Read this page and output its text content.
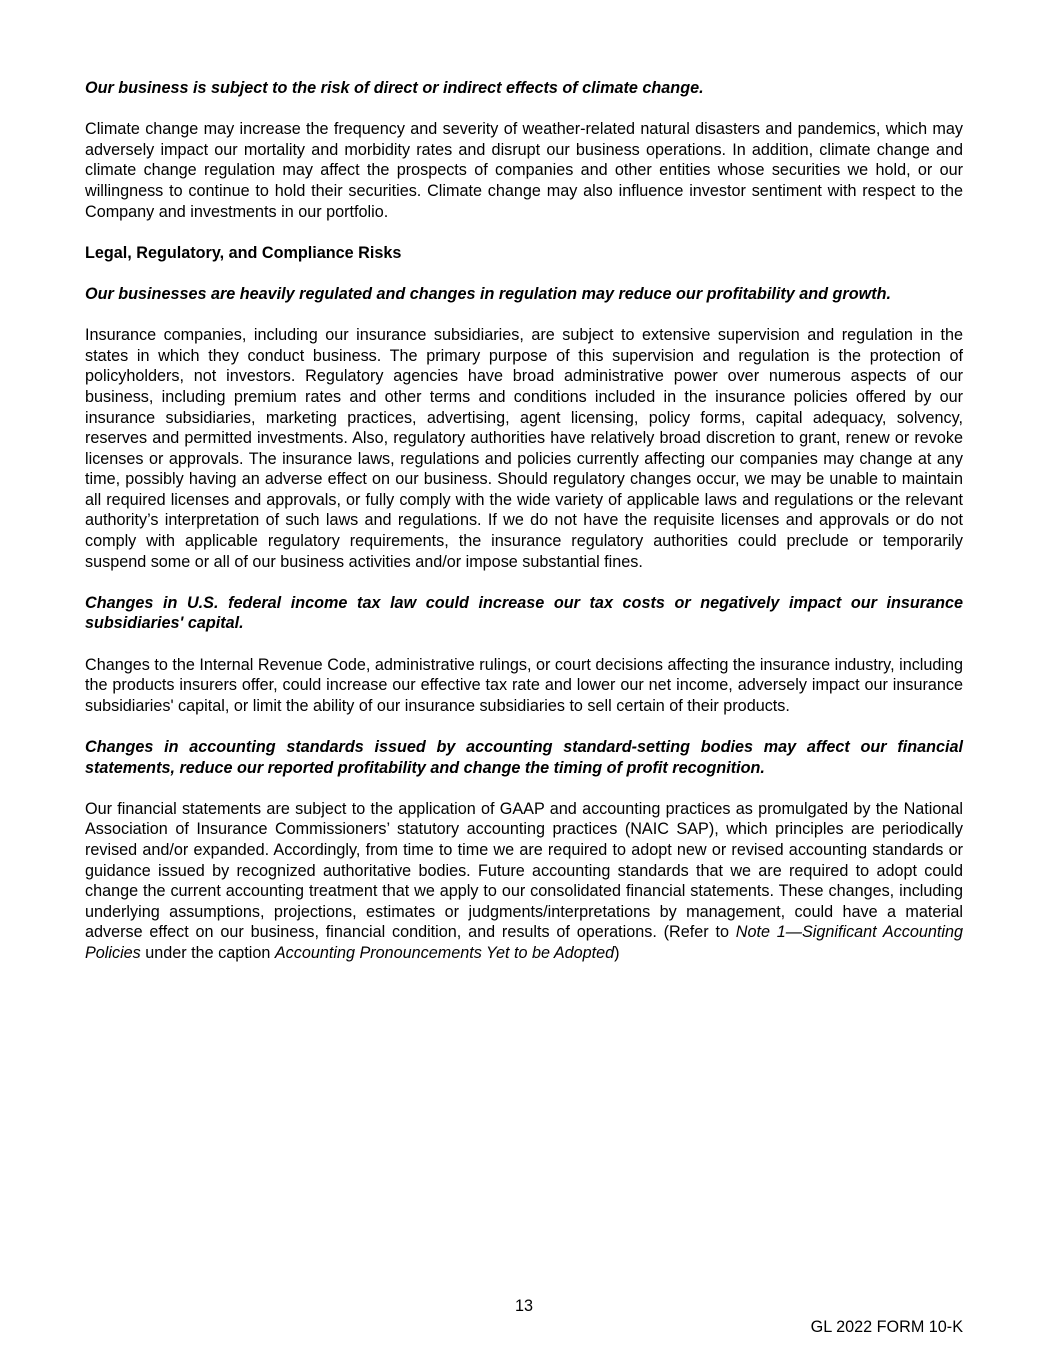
Our business is subject to the risk of direct or indirect effects of climate change.

Climate change may increase the frequency and severity of weather-related natural disasters and pandemics, which may adversely impact our mortality and morbidity rates and disrupt our business operations. In addition, climate change and climate change regulation may affect the prospects of companies and other entities whose securities we hold, or our willingness to continue to hold their securities. Climate change may also influence investor sentiment with respect to the Company and investments in our portfolio.

Legal, Regulatory, and Compliance Risks

Our businesses are heavily regulated and changes in regulation may reduce our profitability and growth.

Insurance companies, including our insurance subsidiaries, are subject to extensive supervision and regulation in the states in which they conduct business. The primary purpose of this supervision and regulation is the protection of policyholders, not investors. Regulatory agencies have broad administrative power over numerous aspects of our business, including premium rates and other terms and conditions included in the insurance policies offered by our insurance subsidiaries, marketing practices, advertising, agent licensing, policy forms, capital adequacy, solvency, reserves and permitted investments. Also, regulatory authorities have relatively broad discretion to grant, renew or revoke licenses or approvals. The insurance laws, regulations and policies currently affecting our companies may change at any time, possibly having an adverse effect on our business. Should regulatory changes occur, we may be unable to maintain all required licenses and approvals, or fully comply with the wide variety of applicable laws and regulations or the relevant authority’s interpretation of such laws and regulations. If we do not have the requisite licenses and approvals or do not comply with applicable regulatory requirements, the insurance regulatory authorities could preclude or temporarily suspend some or all of our business activities and/or impose substantial fines.

Changes in U.S. federal income tax law could increase our tax costs or negatively impact our insurance subsidiaries' capital.

Changes to the Internal Revenue Code, administrative rulings, or court decisions affecting the insurance industry, including the products insurers offer, could increase our effective tax rate and lower our net income, adversely impact our insurance subsidiaries' capital, or limit the ability of our insurance subsidiaries to sell certain of their products.

Changes in accounting standards issued by accounting standard-setting bodies may affect our financial statements, reduce our reported profitability and change the timing of profit recognition.

Our financial statements are subject to the application of GAAP and accounting practices as promulgated by the National Association of Insurance Commissioners’ statutory accounting practices (NAIC SAP), which principles are periodically revised and/or expanded. Accordingly, from time to time we are required to adopt new or revised accounting standards or guidance issued by recognized authoritative bodies. Future accounting standards that we are required to adopt could change the current accounting treatment that we apply to our consolidated financial statements. These changes, including underlying assumptions, projections, estimates or judgments/interpretations by management, could have a material adverse effect on our business, financial condition, and results of operations. (Refer to Note 1—Significant Accounting Policies under the caption Accounting Pronouncements Yet to be Adopted)

13
GL 2022 FORM 10-K
